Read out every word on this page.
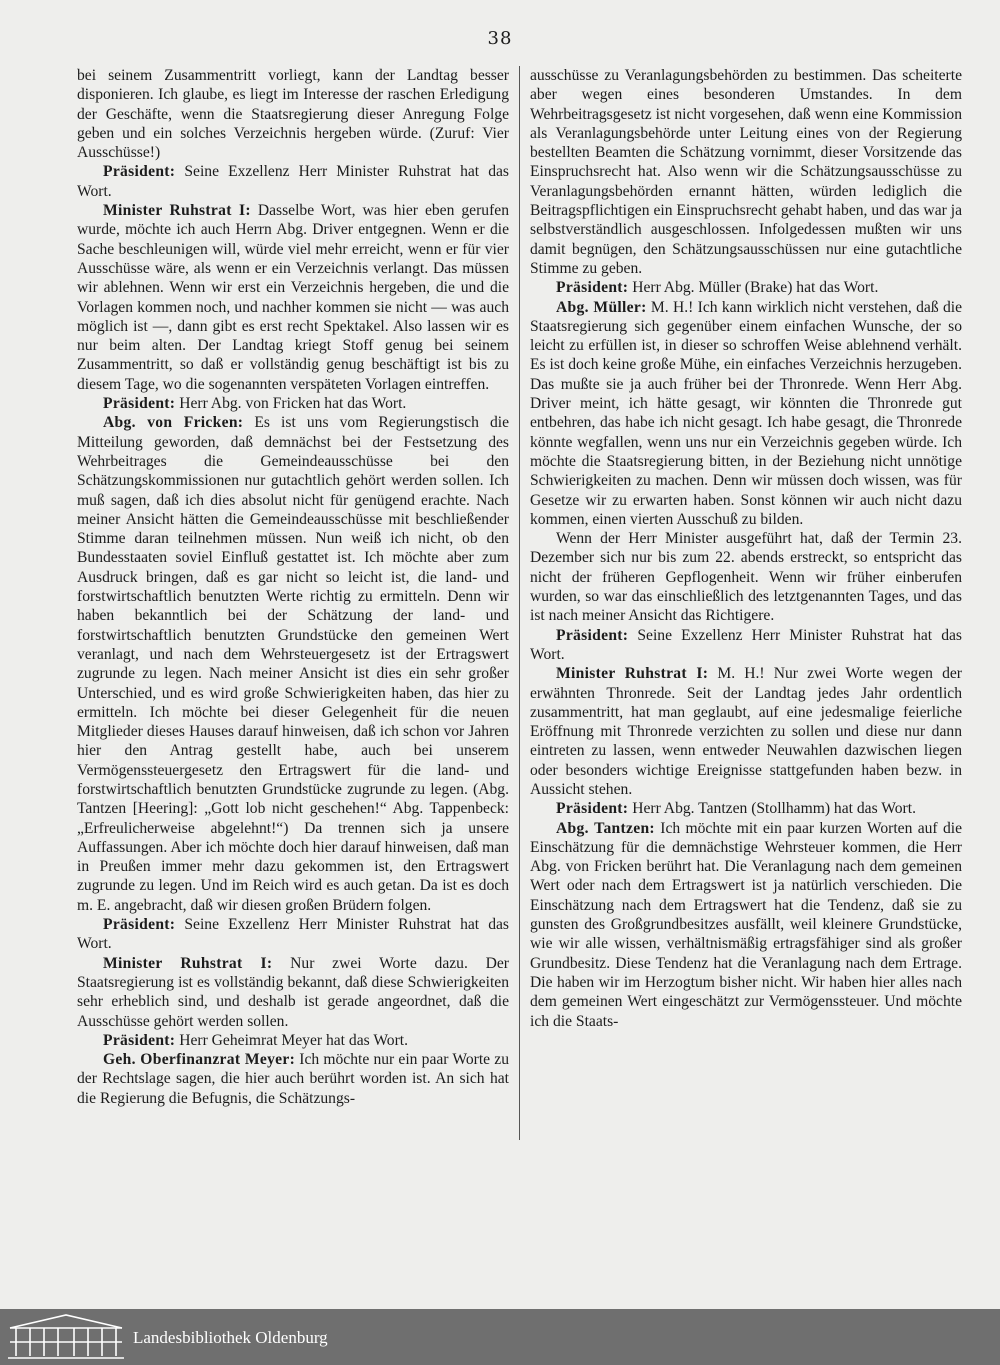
38

bei seinem Zusammentritt vorliegt, kann der Landtag besser disponieren. Ich glaube, es liegt im Interesse der raschen Erledigung der Geschäfte, wenn die Staatsregierung dieser Anregung Folge geben und ein solches Verzeichnis hergeben würde. (Zuruf: Vier Ausschüsse!)

Präsident: Seine Exzellenz Herr Minister Ruhstrat hat das Wort.

Minister Ruhstrat I: Dasselbe Wort, was hier eben gerufen wurde, möchte ich auch Herrn Abg. Driver entgegnen. Wenn er die Sache beschleunigen will, würde viel mehr erreicht, wenn er für vier Ausschüsse wäre, als wenn er ein Verzeichnis verlangt. Das müssen wir ablehnen. Wenn wir erst ein Verzeichnis hergeben, die und die Vorlagen kommen noch, und nachher kommen sie nicht — was auch möglich ist —, dann gibt es erst recht Spektakel. Also lassen wir es nur beim alten. Der Landtag kriegt Stoff genug bei seinem Zusammentritt, so daß er vollständig genug beschäftigt ist bis zu diesem Tage, wo die sogenannten verspäteten Vorlagen eintreffen.

Präsident: Herr Abg. von Fricken hat das Wort.

Abg. von Fricken: Es ist uns vom Regierungstisch die Mitteilung geworden, daß demnächst bei der Festsetzung des Wehrbeitrages die Gemeindeausschüsse bei den Schätzungskommissionen nur gutachtlich gehört werden sollen. Ich muß sagen, daß ich dies absolut nicht für genügend erachte. Nach meiner Ansicht hätten die Gemeindeausschüsse mit beschließender Stimme daran teilnehmen müssen. Nun weiß ich nicht, ob den Bundesstaaten soviel Einfluß gestattet ist. Ich möchte aber zum Ausdruck bringen, daß es gar nicht so leicht ist, die land- und forstwirtschaftlich benutzten Werte richtig zu ermitteln. Denn wir haben bekanntlich bei der Schätzung der land- und forstwirtschaftlich benutzten Grundstücke den gemeinen Wert veranlagt, und nach dem Wehrsteuergesetz ist der Ertragswert zugrunde zu legen. Nach meiner Ansicht ist dies ein sehr großer Unterschied, und es wird große Schwierigkeiten haben, das hier zu ermitteln. Ich möchte bei dieser Gelegenheit für die neuen Mitglieder dieses Hauses darauf hinweisen, daß ich schon vor Jahren hier den Antrag gestellt habe, auch bei unserem Vermögenssteuergesetz den Ertragswert für die land- und forstwirtschaftlich benutzten Grundstücke zugrunde zu legen. (Abg. Tantzen [Heering]: „Gott lob nicht geschehen!“ Abg. Tappenbeck: „Erfreulicherweise abgelehnt!“) Da trennen sich ja unsere Auffassungen. Aber ich möchte doch hier darauf hinweisen, daß man in Preußen immer mehr dazu gekommen ist, den Ertragswert zugrunde zu legen. Und im Reich wird es auch getan. Da ist es doch m. E. angebracht, daß wir diesen großen Brüdern folgen.

Präsident: Seine Exzellenz Herr Minister Ruhstrat hat das Wort.

Minister Ruhstrat I: Nur zwei Worte dazu. Der Staatsregierung ist es vollständig bekannt, daß diese Schwierigkeiten sehr erheblich sind, und deshalb ist gerade angeordnet, daß die Ausschüsse gehört werden sollen.

Präsident: Herr Geheimrat Meyer hat das Wort.

Geh. Oberfinanzrat Meyer: Ich möchte nur ein paar Worte zu der Rechtslage sagen, die hier auch berührt worden ist. An sich hat die Regierung die Befugnis, die Schätzungs-

ausschüsse zu Veranlagungsbehörden zu bestimmen. Das scheiterte aber wegen eines besonderen Umstandes. In dem Wehrbeitragsgesetz ist nicht vorgesehen, daß wenn eine Kommission als Veranlagungsbehörde unter Leitung eines von der Regierung bestellten Beamten die Schätzung vornimmt, dieser Vorsitzende das Einspruchsrecht hat. Also wenn wir die Schätzungsausschüsse zu Veranlagungsbehörden ernannt hätten, würden lediglich die Beitragspflichtigen ein Einspruchsrecht gehabt haben, und das war ja selbstverständlich ausgeschlossen. Infolgedessen mußten wir uns damit begnügen, den Schätzungsausschüssen nur eine gutachtliche Stimme zu geben.

Präsident: Herr Abg. Müller (Brake) hat das Wort.

Abg. Müller: M. H.! Ich kann wirklich nicht verstehen, daß die Staatsregierung sich gegenüber einem einfachen Wunsche, der so leicht zu erfüllen ist, in dieser so schroffen Weise ablehnend verhält. Es ist doch keine große Mühe, ein einfaches Verzeichnis herzugeben. Das mußte sie ja auch früher bei der Thronrede. Wenn Herr Abg. Driver meint, ich hätte gesagt, wir könnten die Thronrede gut entbehren, das habe ich nicht gesagt. Ich habe gesagt, die Thronrede könnte wegfallen, wenn uns nur ein Verzeichnis gegeben würde. Ich möchte die Staatsregierung bitten, in der Beziehung nicht unnötige Schwierigkeiten zu machen. Denn wir müssen doch wissen, was für Gesetze wir zu erwarten haben. Sonst können wir auch nicht dazu kommen, einen vierten Ausschuß zu bilden.

Wenn der Herr Minister ausgeführt hat, daß der Termin 23. Dezember sich nur bis zum 22. abends erstreckt, so entspricht das nicht der früheren Gepflogenheit. Wenn wir früher einberufen wurden, so war das einschließlich des letztgenannten Tages, und das ist nach meiner Ansicht das Richtigere.

Präsident: Seine Exzellenz Herr Minister Ruhstrat hat das Wort.

Minister Ruhstrat I: M. H.! Nur zwei Worte wegen der erwähnten Thronrede. Seit der Landtag jedes Jahr ordentlich zusammentritt, hat man geglaubt, auf eine jedesmalige feierliche Eröffnung mit Thronrede verzichten zu sollen und diese nur dann eintreten zu lassen, wenn entweder Neuwahlen dazwischen liegen oder besonders wichtige Ereignisse stattgefunden haben bezw. in Aussicht stehen.

Präsident: Herr Abg. Tantzen (Stollhamm) hat das Wort.

Abg. Tantzen: Ich möchte mit ein paar kurzen Worten auf die Einschätzung für die demnächstige Wehrsteuer kommen, die Herr Abg. von Fricken berührt hat. Die Veranlagung nach dem gemeinen Wert oder nach dem Ertragswert ist ja natürlich verschieden. Die Einschätzung nach dem Ertragswert hat die Tendenz, daß sie zu gunsten des Großgrundbesitzes ausfällt, weil kleinere Grundstücke, wie wir alle wissen, verhältnismäßig ertragsfähiger sind als großer Grundbesitz. Diese Tendenz hat die Veranlagung nach dem Ertrage. Die haben wir im Herzogtum bisher nicht. Wir haben hier alles nach dem gemeinen Wert eingeschätzt zur Vermögenssteuer. Und möchte ich die Staats-

Landesbibliothek Oldenburg
